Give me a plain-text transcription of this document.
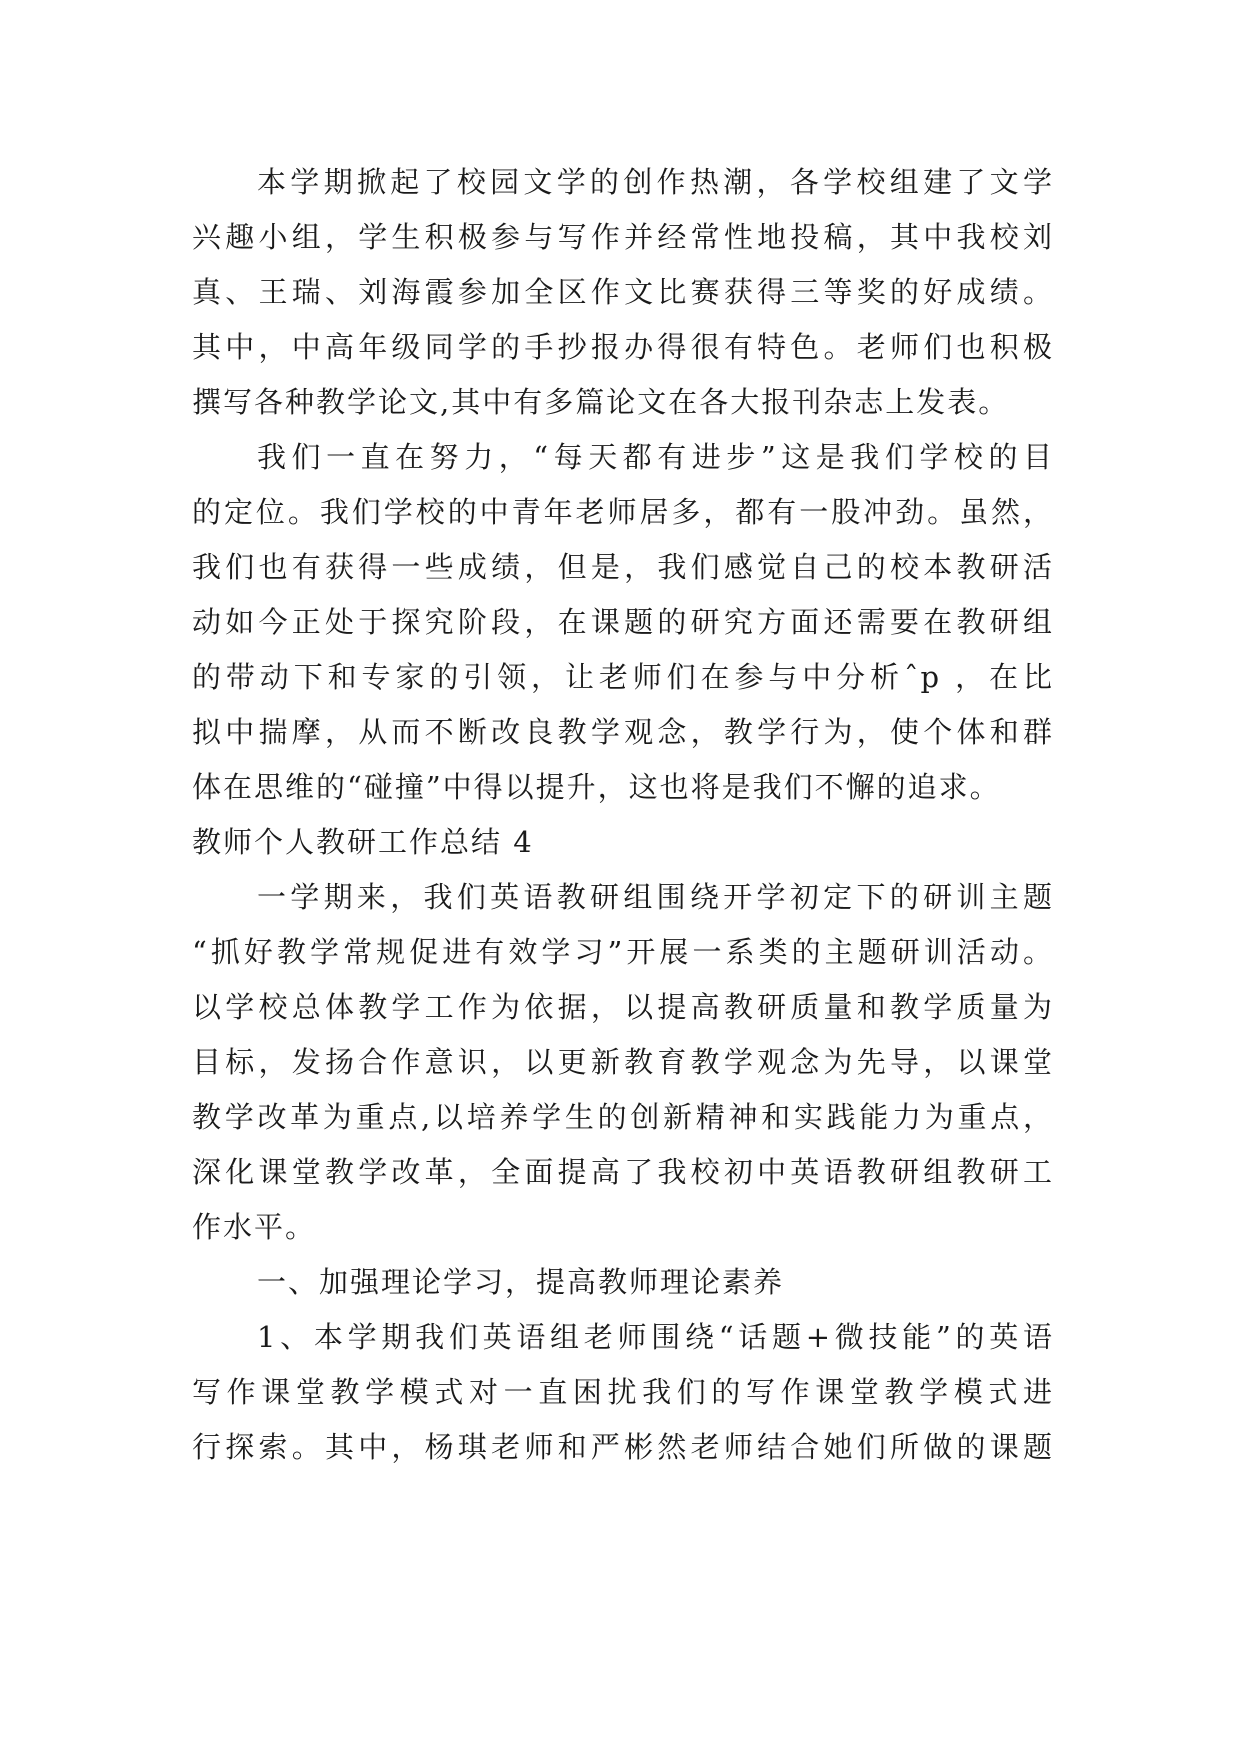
本学期掀起了校园文学的创作热潮，各学校组建了文学
兴趣小组，学生积极参与写作并经常性地投稿，其中我校刘
真、王瑞、刘海霞参加全区作文比赛获得三等奖的好成绩。
其中，中高年级同学的手抄报办得很有特色。老师们也积极
撰写各种教学论文,其中有多篇论文在各大报刊杂志上发表。
我们一直在努力，“每天都有进步”这是我们学校的目
的定位。我们学校的中青年老师居多，都有一股冲劲。虽然，
我们也有获得一些成绩，但是，我们感觉自己的校本教研活
动如今正处于探究阶段，在课题的研究方面还需要在教研组
的带动下和专家的引领，让老师们在参与中分析ˆp ，在比
拟中揣摩，从而不断改良教学观念，教学行为，使个体和群
体在思维的“碰撞”中得以提升，这也将是我们不懈的追求。
教师个人教研工作总结 4
一学期来，我们英语教研组围绕开学初定下的研训主题
“抓好教学常规促进有效学习”开展一系类的主题研训活动。
以学校总体教学工作为依据，以提高教研质量和教学质量为
目标，发扬合作意识，以更新教育教学观念为先导，以课堂
教学改革为重点,以培养学生的创新精神和实践能力为重点，
深化课堂教学改革，全面提高了我校初中英语教研组教研工
作水平。
一、加强理论学习，提高教师理论素养
1、本学期我们英语组老师围绕“话题+微技能”的英语
写作课堂教学模式对一直困扰我们的写作课堂教学模式进
行探索。其中，杨琪老师和严彬然老师结合她们所做的课题
